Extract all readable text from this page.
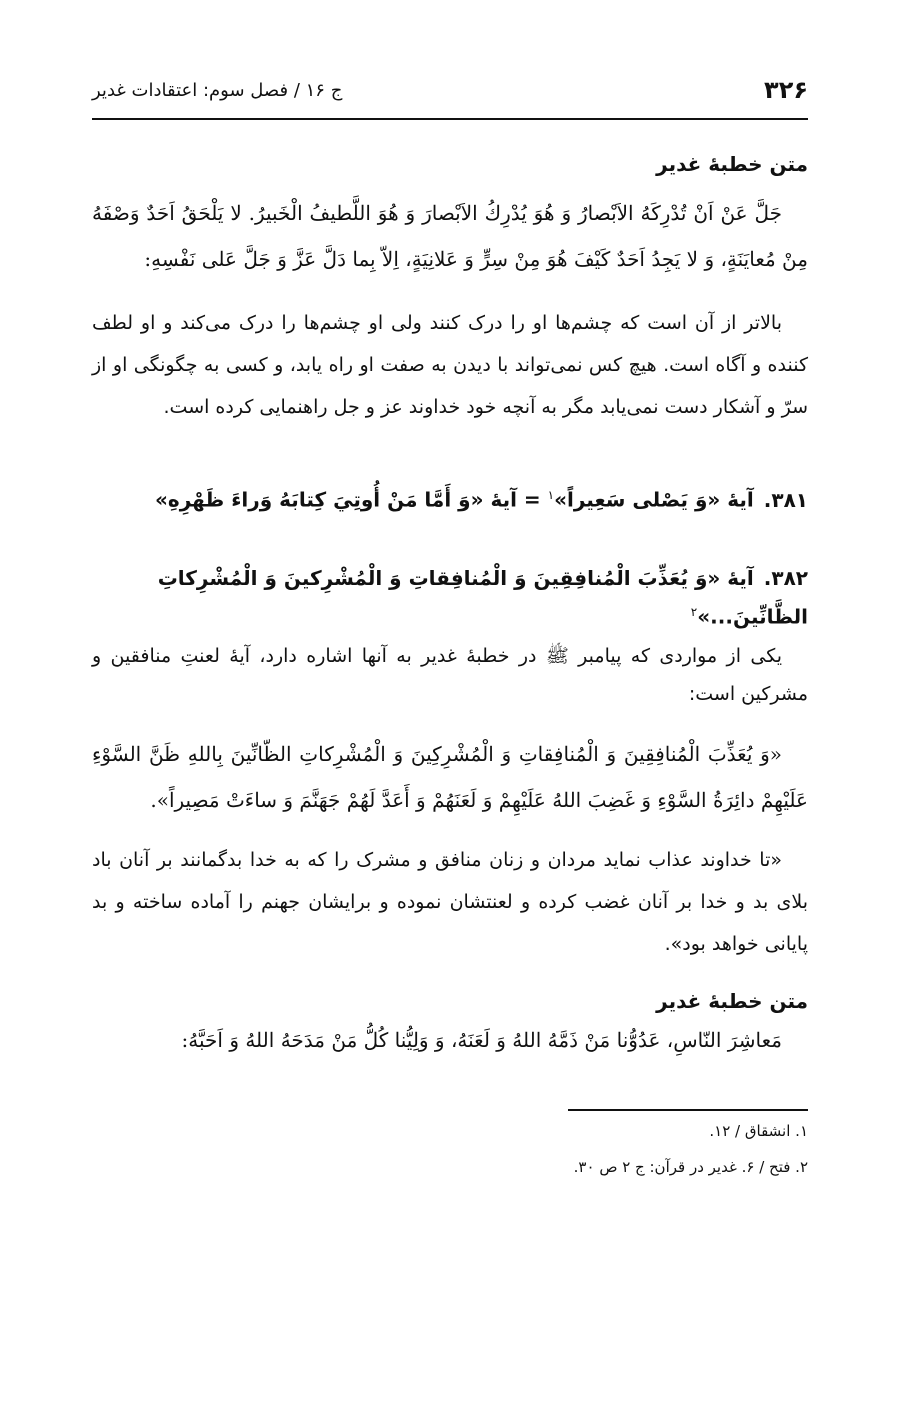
۳۲۶
ج ۱۶ / فصل سوم: اعتقادات غدیر

متن خطبهٔ غدیر

جَلَّ عَنْ اَنْ تُدْرِكَهُ الاَبْصارُ وَ هُوَ يُدْرِكُ الاَبْصارَ وَ هُوَ اللَّطيفُ الْخَبيرُ. لا يَلْحَقُ اَحَدٌ وَصْفَهُ مِنْ مُعايَنَةٍ، وَ لا يَجِدُ اَحَدٌ كَيْفَ هُوَ مِنْ سِرٍّ وَ عَلانِيَةٍ، اِلاّ بِما دَلَّ عَزَّ وَ جَلَّ عَلى نَفْسِهِ:

بالاتر از آن است که چشم‌ها او را درک کنند ولی او چشم‌ها را درک می‌کند و او لطف کننده و آگاه است. هیچ کس نمی‌تواند با دیدن به صفت او راه یابد، و کسی به چگونگی او از سرّ و آشکار دست نمی‌یابد مگر به آنچه خود خداوند عز و جل راهنمایی کرده است.

۳۸۱.آيهٔ «وَ يَصْلى سَعِيراً»$^۱$ = آيهٔ «وَ أَمَّا مَنْ أُوتِيَ كِتابَهُ وَراءَ ظَهْرِهِ»

۳۸۲.آيهٔ «وَ يُعَذِّبَ الْمُنافِقِينَ وَ الْمُنافِقاتِ وَ الْمُشْرِكينَ وَ الْمُشْرِكاتِ الظَّانِّينَ...»$^۲$

یکی از مواردی که پیامبر ﷺ در خطبهٔ غدیر به آنها اشاره دارد، آیهٔ لعنتِ منافقین و مشرکین است:

«وَ يُعَذِّبَ الْمُنافِقِينَ وَ الْمُنافِقاتِ وَ الْمُشْرِكِينَ وَ الْمُشْرِكاتِ الظّانِّينَ بِاللهِ ظَنَّ السَّوْءِ عَلَيْهِمْ دائِرَةُ السَّوْءِ وَ غَضِبَ اللهُ عَلَيْهِمْ وَ لَعَنَهُمْ وَ أَعَدَّ لَهُمْ جَهَنَّمَ وَ ساءَتْ مَصِيراً».

«تا خداوند عذاب نماید مردان و زنان منافق و مشرک را که به خدا بدگمانند بر آنان باد بلای بد و خدا بر آنان غضب کرده و لعنتشان نموده و برایشان جهنم را آماده ساخته و بد پایانی خواهد بود».

متن خطبهٔ غدیر

مَعاشِرَ النّاسِ، عَدُوُّنا مَنْ ذَمَّهُ اللهُ وَ لَعَنَهُ، وَ وَلِيُّنا كُلُّ مَنْ مَدَحَهُ اللهُ وَ اَحَبَّهُ:

۱. انشقاق / ۱۲.

۲. فتح / ۶. غدیر در قرآن: ج ۲ ص ۳۰.
